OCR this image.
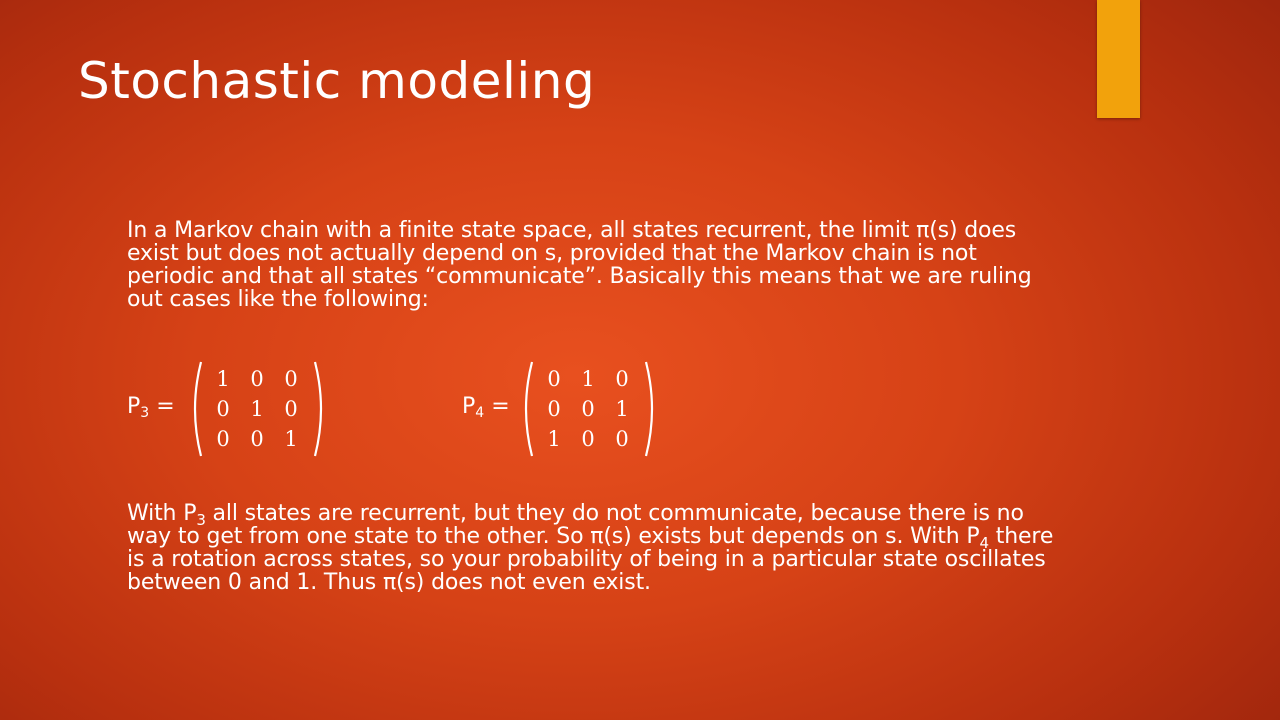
Stochastic modeling

In a Markov chain with a finite state space, all states recurrent, the limit π(s) does exist but does not actually depend on s, provided that the Markov chain is not periodic and that all states “communicate”. Basically this means that we are ruling out cases like the following:

$P_3$ =
1	0	0
0	1	0
0	0	1
$P_4$ =
0	1	0
0	0	1
1	0	0

With $P_3$ all states are recurrent, but they do not communicate, because there is no way to get from one state to the other. So π(s) exists but depends on s. With $P_4$ there is a rotation across states, so your probability of being in a particular state oscillates between 0 and 1. Thus π(s) does not even exist.
